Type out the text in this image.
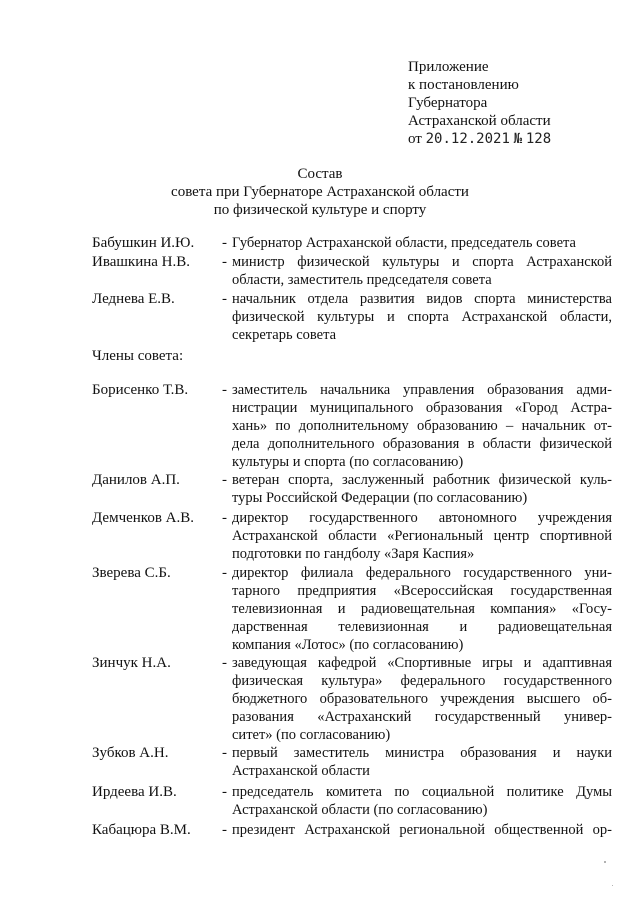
Приложение
к постановлению
Губернатора
Астраханской области
от 20.12.2021 № 128
Состав
совета при Губернаторе Астраханской области
по физической культуре и спорту
Бабушкин И.Ю. - Губернатор Астраханской области, председатель совета
Ивашкина Н.В. - министр физической культуры и спорта Астраханской
области, заместитель председателя совета
Леднева Е.В.	- начальник отдела развития видов спорта министерства
физической культуры и спорта Астраханской области,
секретарь совета
Члены совета:
Борисенко Т.В. - заместитель начальника управления образования адми-
нистрации муниципального образования «Город Астра-
хань» по дополнительному образованию – начальник от-
дела дополнительного образования в области физической
культуры и спорта (по согласованию)
Данилов А.П.	- ветеран спорта, заслуженный работник физической куль-
туры Российской Федерации (по согласованию)
Демченков А.В. - директор государственного автономного учреждения
Астраханской области «Региональный центр спортивной
подготовки по гандболу «Заря Каспия»
Зверева С.Б.	- директор филиала федерального государственного уни-
тарного предприятия «Всероссийская государственная
телевизионная и радиовещательная компания» «Госу-
дарственная телевизионная и радиовещательная
компания «Лотос» (по согласованию)
Зинчук Н.А.	- заведующая кафедрой «Спортивные игры и адаптивная
физическая культура» федерального государственного
бюджетного образовательного учреждения высшего об-
разования «Астраханский государственный универ-
ситет» (по согласованию)
Зубков А.Н.	- первый заместитель министра образования и науки
Астраханской области
Ирдеева И.В.	- председатель комитета по социальной политике Думы
Астраханской области (по согласованию)
Кабацюра В.М. - президент Астраханской региональной общественной ор-
